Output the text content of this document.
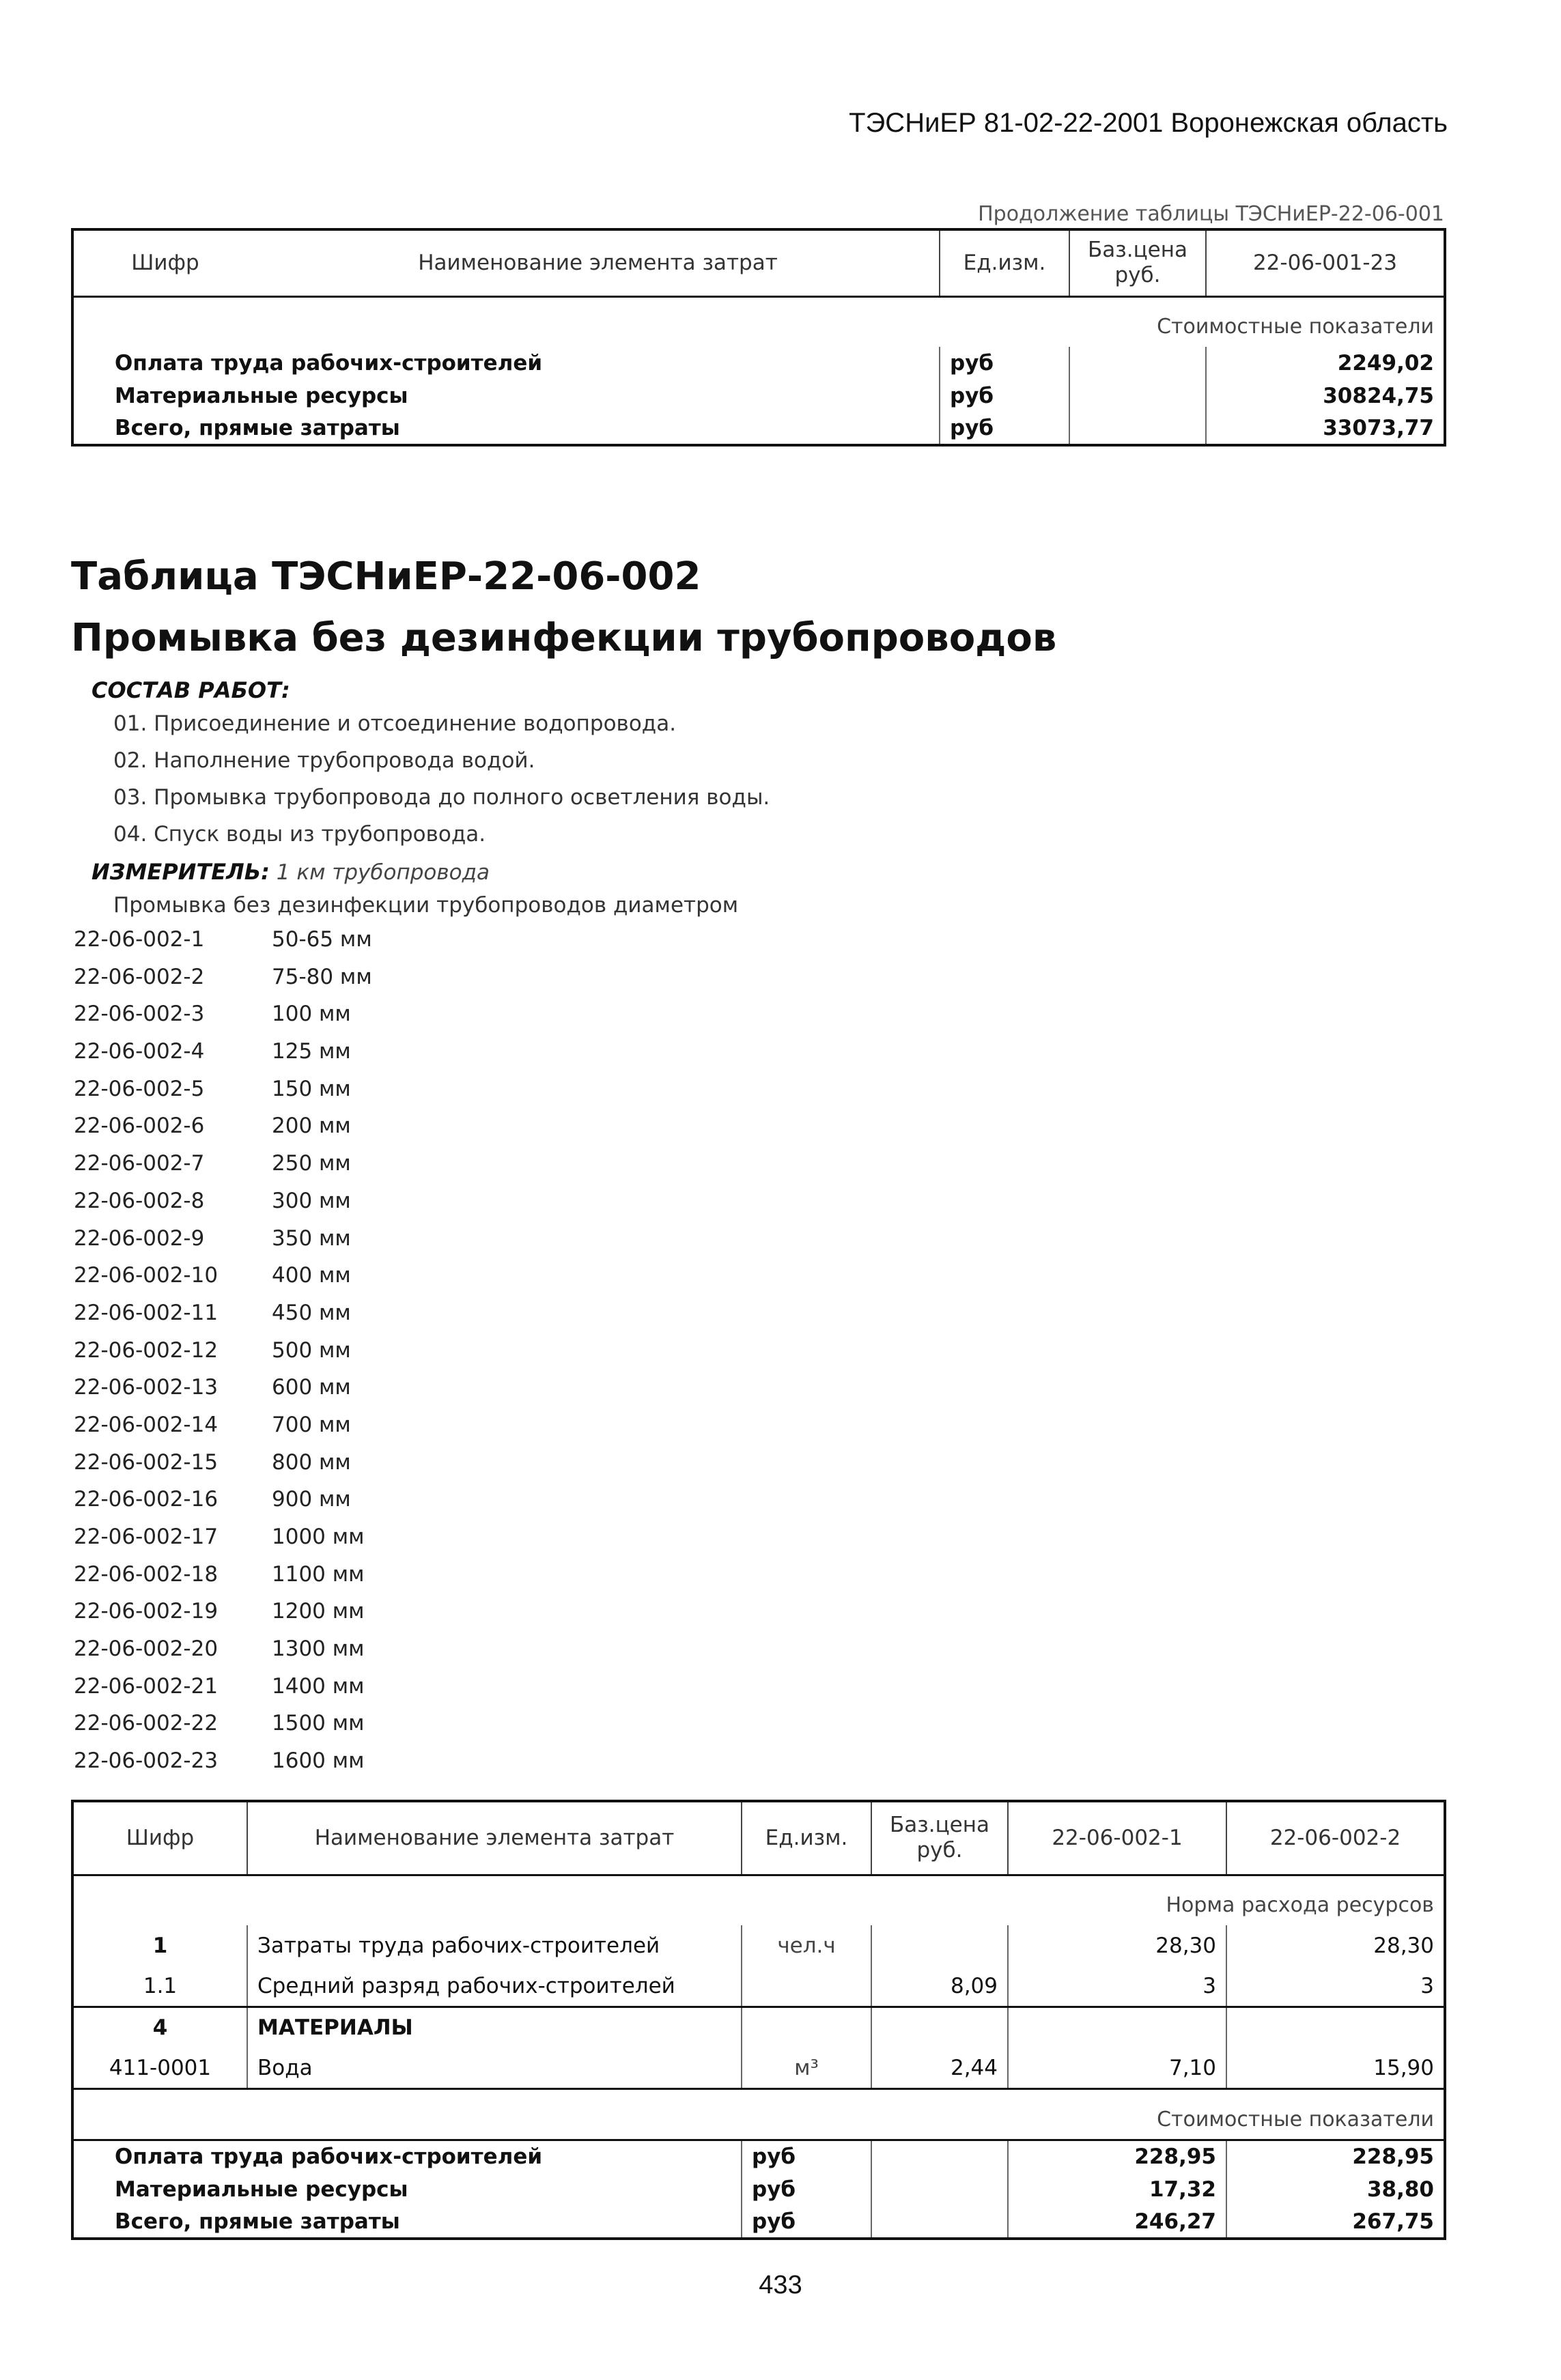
ТЭСНиЕР 81-02-22-2001 Воронежская область
Продолжение таблицы ТЭСНиЕР-22-06-001
Шифр	Наименование элемента затрат	Ед.изм.	Баз.цена руб.	22-06-001-23
Стоимостные показатели				
Оплата труда рабочих-строителей		руб		2249,02
Материальные ресурсы		руб		30824,75
Всего, прямые затраты		руб		33073,77
Таблица ТЭСНиЕР-22-06-002
Промывка без дезинфекции трубопроводов
СОСТАВ РАБОТ:
01. Присоединение и отсоединение водопровода.
02. Наполнение трубопровода водой.
03. Промывка трубопровода до полного осветления воды.
04. Спуск воды из трубопровода.
ИЗМЕРИТЕЛЬ: 1 км трубопровода
Промывка без дезинфекции трубопроводов диаметром
22-06-002-1	50-65 мм
22-06-002-2	75-80 мм
22-06-002-3	100 мм
22-06-002-4	125 мм
22-06-002-5	150 мм
22-06-002-6	200 мм
22-06-002-7	250 мм
22-06-002-8	300 мм
22-06-002-9	350 мм
22-06-002-10	400 мм
22-06-002-11	450 мм
22-06-002-12	500 мм
22-06-002-13	600 мм
22-06-002-14	700 мм
22-06-002-15	800 мм
22-06-002-16	900 мм
22-06-002-17	1000 мм
22-06-002-18	1100 мм
22-06-002-19	1200 мм
22-06-002-20	1300 мм
22-06-002-21	1400 мм
22-06-002-22	1500 мм
22-06-002-23	1600 мм
Шифр	Наименование элемента затрат	Ед.изм.	Баз.цена руб.	22-06-002-1	22-06-002-2
Норма расхода ресурсов					
1	Затраты труда рабочих-строителей	чел.ч		28,30	28,30
1.1	Средний разряд рабочих-строителей		8,09	3	3
4	МАТЕРИАЛЫ				
411-0001	Вода	м³	2,44	7,10	15,90
Стоимостные показатели					
Оплата труда рабочих-строителей		руб		228,95	228,95
Материальные ресурсы		руб		17,32	38,80
Всего, прямые затраты		руб		246,27	267,75
433
